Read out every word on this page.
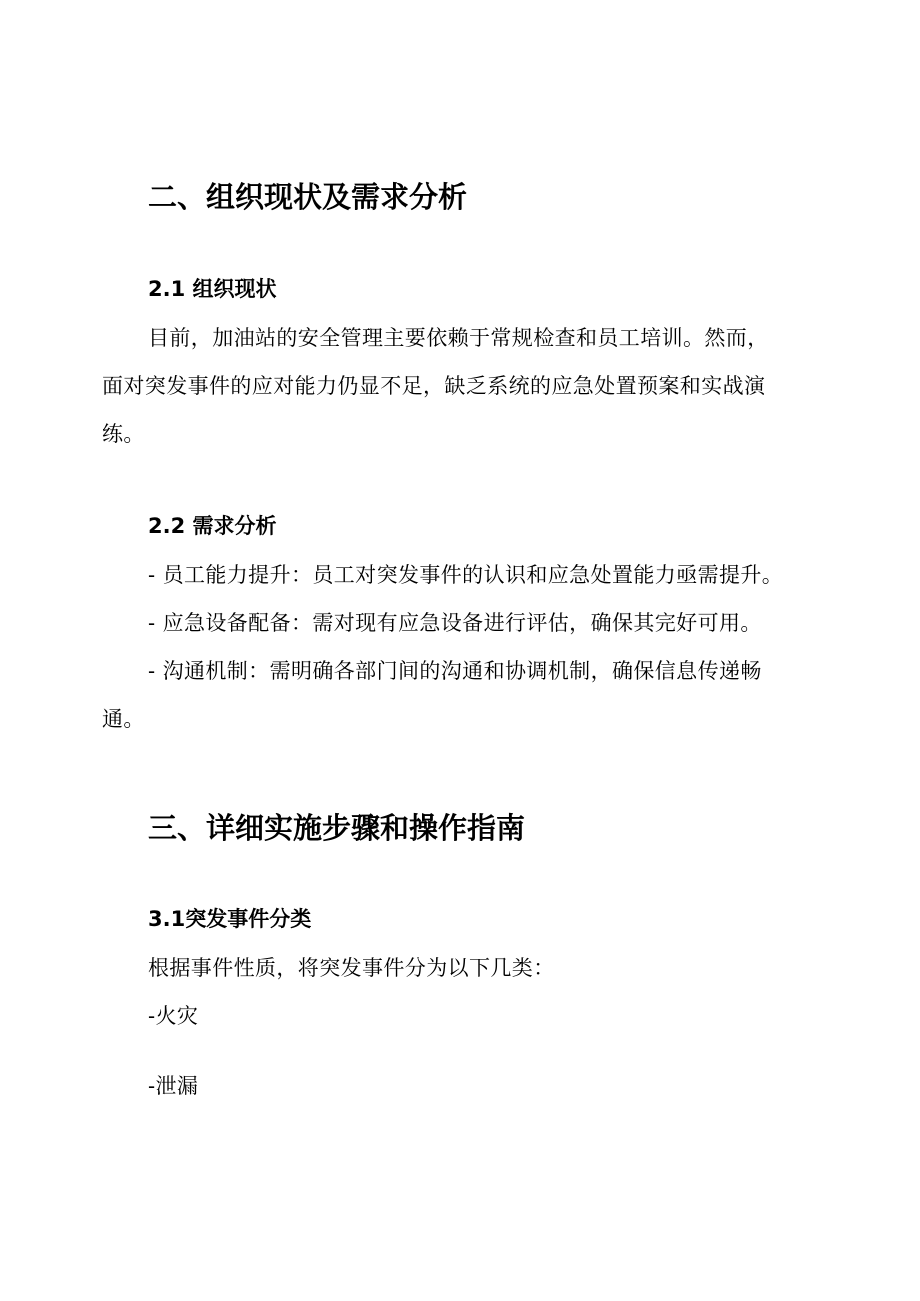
二、组织现状及需求分析
2.1 组织现状
目前，加油站的安全管理主要依赖于常规检查和员工培训。然而，
面对突发事件的应对能力仍显不足，缺乏系统的应急处置预案和实战演
练。
2.2 需求分析
- 员工能力提升：员工对突发事件的认识和应急处置能力亟需提升。
- 应急设备配备：需对现有应急设备进行评估，确保其完好可用。
- 沟通机制：需明确各部门间的沟通和协调机制，确保信息传递畅
通。
三、详细实施步骤和操作指南
3.1突发事件分类
根据事件性质，将突发事件分为以下几类：
-火灾
-泄漏
